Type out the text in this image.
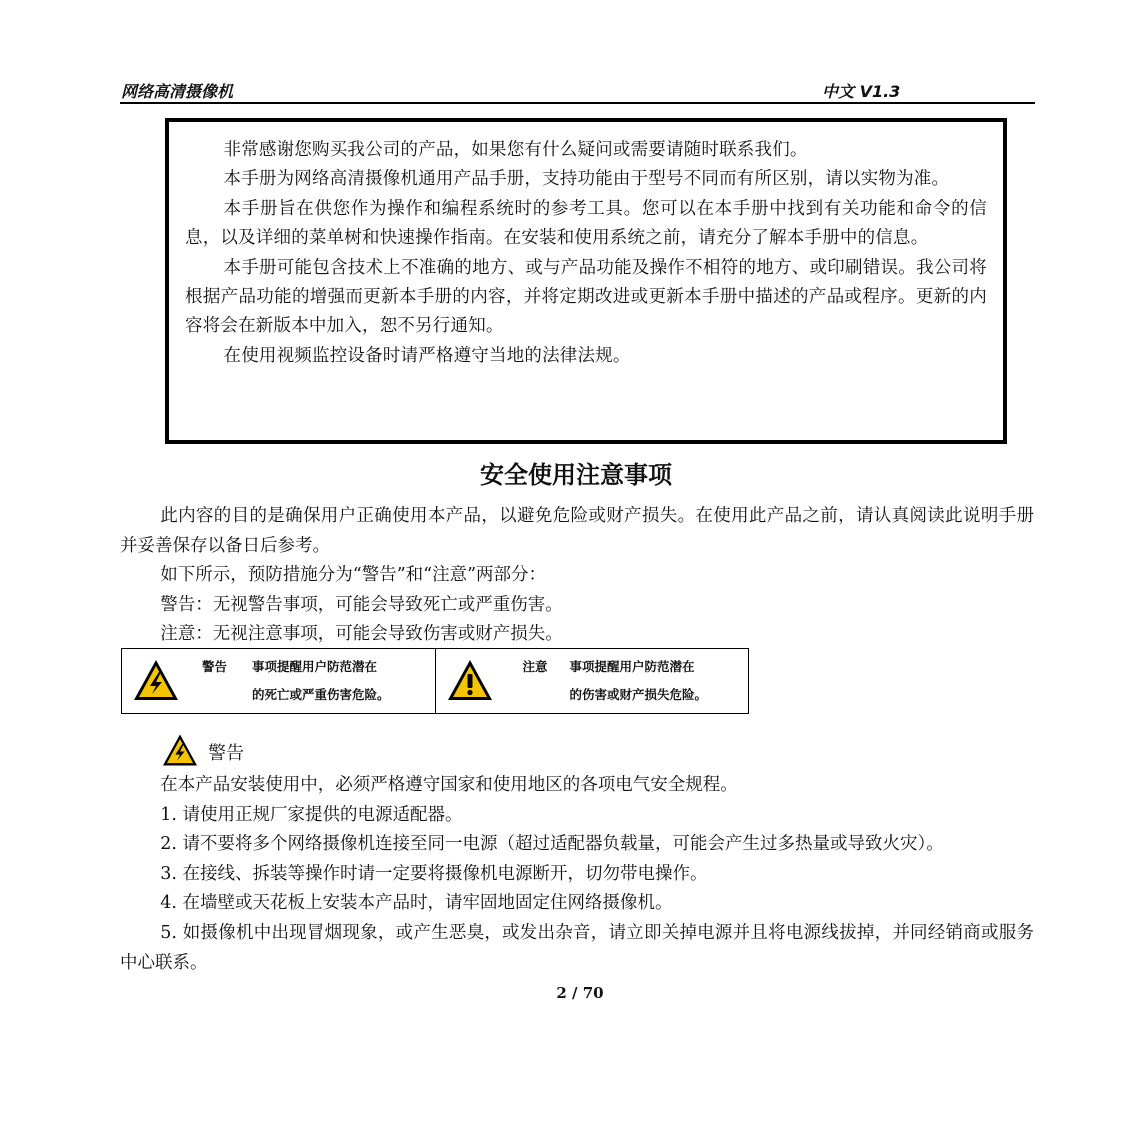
网络高清摄像机	中文 V1.3

非常感谢您购买我公司的产品，如果您有什么疑问或需要请随时联系我们。

本手册为网络高清摄像机通用产品手册，支持功能由于型号不同而有所区别，请以实物为准。

本手册旨在供您作为操作和编程系统时的参考工具。您可以在本手册中找到有关功能和命令的信息，以及详细的菜单树和快速操作指南。在安装和使用系统之前，请充分了解本手册中的信息。

本手册可能包含技术上不准确的地方、或与产品功能及操作不相符的地方、或印刷错误。我公司将根据产品功能的增强而更新本手册的内容，并将定期改进或更新本手册中描述的产品或程序。更新的内容将会在新版本中加入，恕不另行通知。

在使用视频监控设备时请严格遵守当地的法律法规。

安全使用注意事项

此内容的目的是确保用户正确使用本产品，以避免危险或财产损失。在使用此产品之前，请认真阅读此说明手册并妥善保存以备日后参考。

如下所示，预防措施分为“警告”和“注意”两部分：

警告：无视警告事项，可能会导致死亡或严重伤害。

注意：无视注意事项，可能会导致伤害或财产损失。

警告 事项提醒用户防范潜在
的死亡或严重伤害危险。
注意 事项提醒用户防范潜在
的伤害或财产损失危险。
警告

在本产品安装使用中，必须严格遵守国家和使用地区的各项电气安全规程。

1. 请使用正规厂家提供的电源适配器。

2. 请不要将多个网络摄像机连接至同一电源（超过适配器负载量，可能会产生过多热量或导致火灾）。

3. 在接线、拆装等操作时请一定要将摄像机电源断开，切勿带电操作。

4. 在墙壁或天花板上安装本产品时，请牢固地固定住网络摄像机。

5. 如摄像机中出现冒烟现象，或产生恶臭，或发出杂音，请立即关掉电源并且将电源线拔掉，并同经销商或服务中心联系。

2 / 70
